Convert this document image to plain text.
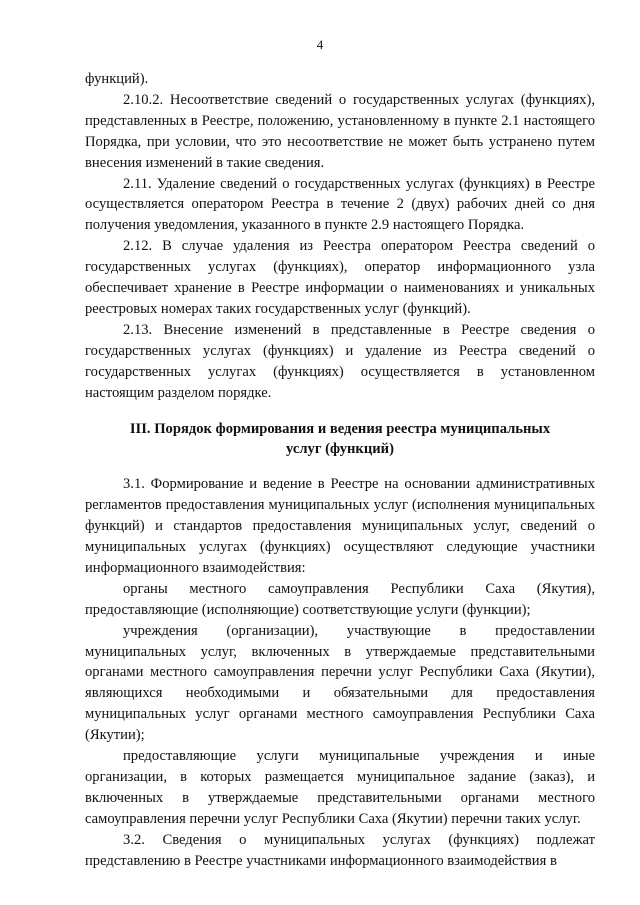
4

функций).

2.10.2. Несоответствие сведений о государственных услугах (функциях), представленных в Реестре, положению, установленному в пункте 2.1 настоящего Порядка, при условии, что это несоответствие не может быть устранено путем внесения изменений в такие сведения.

2.11. Удаление сведений о государственных услугах (функциях) в Реестре осуществляется оператором Реестра в течение 2 (двух) рабочих дней со дня получения уведомления, указанного в пункте 2.9 настоящего Порядка.

2.12. В случае удаления из Реестра оператором Реестра сведений о государственных услугах (функциях), оператор информационного узла обеспечивает хранение в Реестре информации о наименованиях и уникальных реестровых номерах таких государственных услуг (функций).

2.13. Внесение изменений в представленные в Реестре сведения о государственных услугах (функциях) и удаление из Реестра сведений о государственных услугах (функциях) осуществляется в установленном настоящим разделом порядке.

III. Порядок формирования и ведения реестра муниципальных услуг (функций)

3.1. Формирование и ведение в Реестре на основании административных регламентов предоставления муниципальных услуг (исполнения муниципальных функций) и стандартов предоставления муниципальных услуг, сведений о муниципальных услугах (функциях) осуществляют следующие участники информационного взаимодействия:

органы местного самоуправления Республики Саха (Якутия), предоставляющие (исполняющие) соответствующие услуги (функции);

учреждения (организации), участвующие в предоставлении муниципальных услуг, включенных в утверждаемые представительными органами местного самоуправления перечни услуг Республики Саха (Якутии), являющихся необходимыми и обязательными для предоставления муниципальных услуг органами местного самоуправления Республики Саха (Якутии);

предоставляющие услуги муниципальные учреждения и иные организации, в которых размещается муниципальное задание (заказ), и включенных в утверждаемые представительными органами местного самоуправления перечни услуг Республики Саха (Якутии) перечни таких услуг.

3.2. Сведения о муниципальных услугах (функциях) подлежат представлению в Реестре участниками информационного взаимодействия в
